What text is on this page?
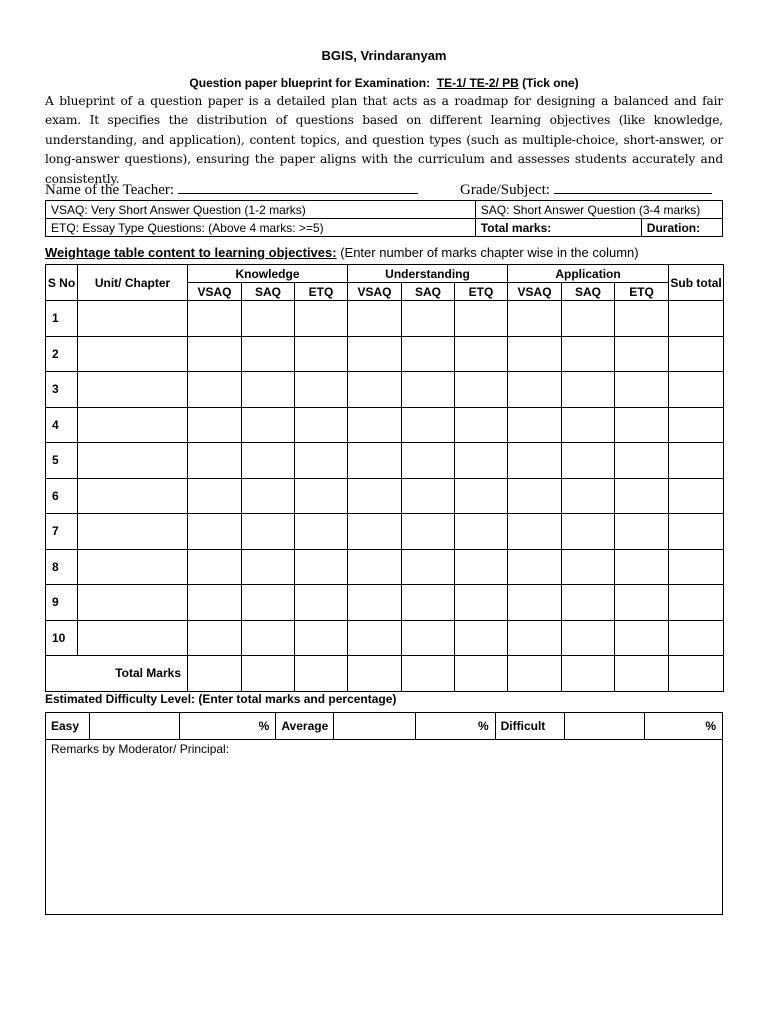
BGIS, Vrindaranyam
Question paper blueprint for Examination: TE-1/ TE-2/ PB (Tick one)
A blueprint of a question paper is a detailed plan that acts as a roadmap for designing a balanced and fair exam. It specifies the distribution of questions based on different learning objectives (like knowledge, understanding, and application), content topics, and question types (such as multiple-choice, short-answer, or long-answer questions), ensuring the paper aligns with the curriculum and assesses students accurately and consistently.
Name of the Teacher:	Grade/Subject:
VSAQ: Very Short Answer Question (1-2 marks)	SAQ: Short Answer Question (3-4 marks)	
ETQ: Essay Type Questions: (Above 4 marks: >=5)	Total marks:	Duration:
Weightage table content to learning objectives: (Enter number of marks chapter wise in the column)
S No	Unit/ Chapter	Knowledge			Understanding			Application			Sub total
		VSAQ	SAQ	ETQ	VSAQ	SAQ	ETQ	VSAQ	SAQ	ETQ	
1											
2											
3											
4											
5											
6											
7											
8											
9											
10											
Total Marks											
Estimated Difficulty Level: (Enter total marks and percentage)
Easy		%	Average		%	Difficult		%
Remarks by Moderator/ Principal:
